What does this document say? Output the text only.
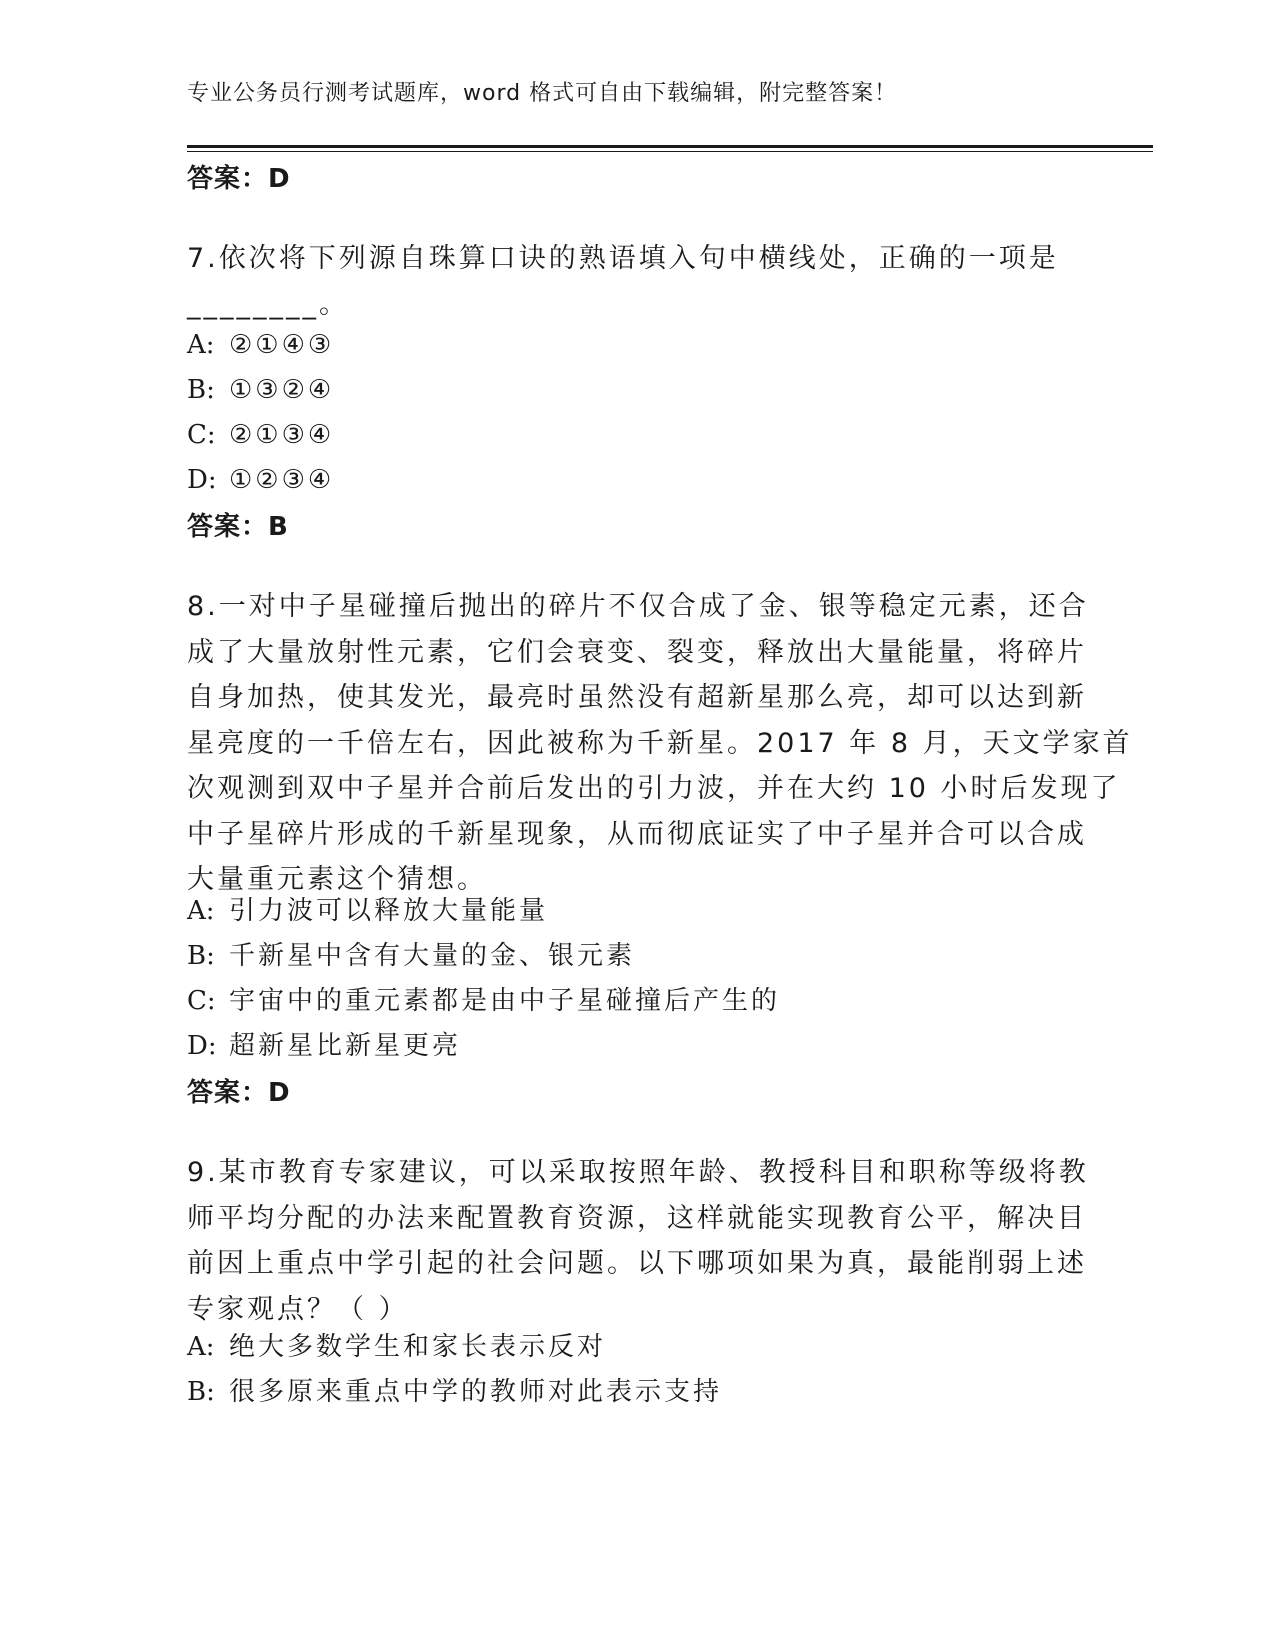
专业公务员行测考试题库，word 格式可自由下载编辑，附完整答案！
答案：D
7.依次将下列源自珠算口诀的熟语填入句中横线处，正确的一项是
________。
A: ②①④③
B: ①③②④
C: ②①③④
D: ①②③④
答案：B
8.一对中子星碰撞后抛出的碎片不仅合成了金、银等稳定元素，还合
成了大量放射性元素，它们会衰变、裂变，释放出大量能量，将碎片
自身加热，使其发光，最亮时虽然没有超新星那么亮，却可以达到新
星亮度的一千倍左右，因此被称为千新星。2017 年 8 月，天文学家首
次观测到双中子星并合前后发出的引力波，并在大约 10 小时后发现了
中子星碎片形成的千新星现象，从而彻底证实了中子星并合可以合成
大量重元素这个猜想。
A: 引力波可以释放大量能量
B: 千新星中含有大量的金、银元素
C: 宇宙中的重元素都是由中子星碰撞后产生的
D: 超新星比新星更亮
答案：D
9.某市教育专家建议，可以采取按照年龄、教授科目和职称等级将教
师平均分配的办法来配置教育资源，这样就能实现教育公平，解决目
前因上重点中学引起的社会问题。以下哪项如果为真，最能削弱上述
专家观点？（ ）
A: 绝大多数学生和家长表示反对
B: 很多原来重点中学的教师对此表示支持
